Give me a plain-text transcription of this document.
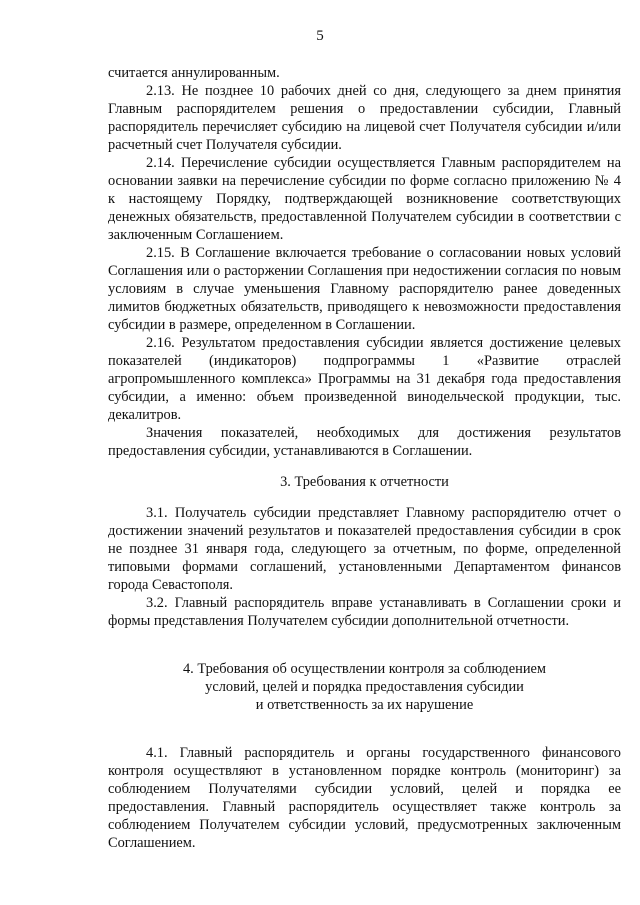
5

считается аннулированным.

2.13. Не позднее 10 рабочих дней со дня, следующего за днем принятия Главным распорядителем решения о предоставлении субсидии, Главный распорядитель перечисляет субсидию на лицевой счет Получателя субсидии и/или расчетный счет Получателя субсидии.

2.14. Перечисление субсидии осуществляется Главным распорядителем на основании заявки на перечисление субсидии по форме согласно приложению № 4 к настоящему Порядку, подтверждающей возникновение соответствующих денежных обязательств, предоставленной Получателем субсидии в соответствии с заключенным Соглашением.

2.15. В Соглашение включается требование о согласовании новых условий Соглашения или о расторжении Соглашения при недостижении согласия по новым условиям в случае уменьшения Главному распорядителю ранее доведенных лимитов бюджетных обязательств, приводящего к невозможности предоставления субсидии в размере, определенном в Соглашении.

2.16. Результатом предоставления субсидии является достижение целевых показателей (индикаторов) подпрограммы 1 «Развитие отраслей агропромышленного комплекса» Программы на 31 декабря года предоставления субсидии, а именно: объем произведенной винодельческой продукции, тыс. декалитров.

Значения показателей, необходимых для достижения результатов предоставления субсидии, устанавливаются в Соглашении.

3. Требования к отчетности

3.1. Получатель субсидии представляет Главному распорядителю отчет о достижении значений результатов и показателей предоставления субсидии в срок не позднее 31 января года, следующего за отчетным, по форме, определенной типовыми формами соглашений, установленными Департаментом финансов города Севастополя.

3.2. Главный распорядитель вправе устанавливать в Соглашении сроки и формы представления Получателем субсидии дополнительной отчетности.

4. Требования об осуществлении контроля за соблюдением

условий, целей и порядка предоставления субсидии

и ответственность за их нарушение

4.1. Главный распорядитель и органы государственного финансового контроля осуществляют в установленном порядке контроль (мониторинг) за соблюдением Получателями субсидии условий, целей и порядка ее предоставления. Главный распорядитель осуществляет также контроль за соблюдением Получателем субсидии условий, предусмотренных заключенным Соглашением.
